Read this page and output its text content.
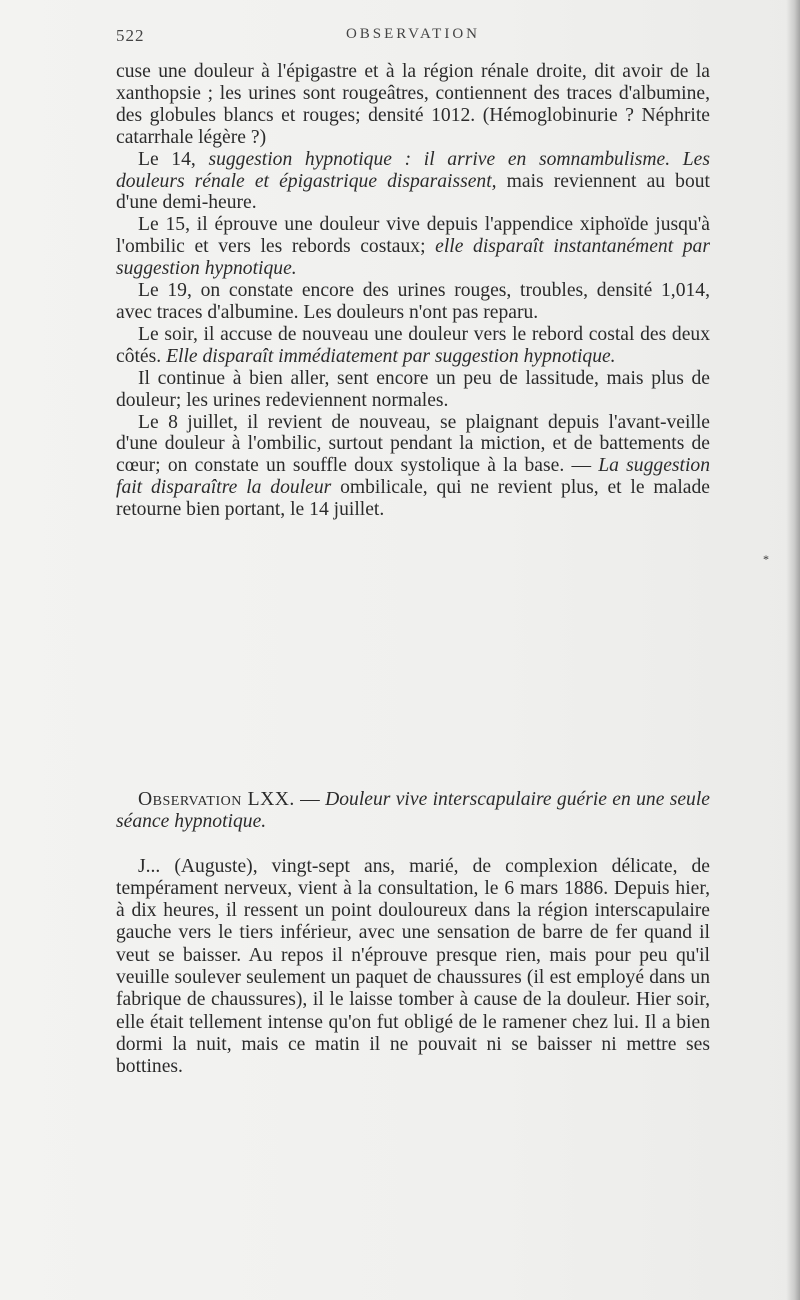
522	OBSERVATION

cuse une douleur à l'épigastre et à la région rénale droite, dit avoir de la xanthopsie ; les urines sont rougeâtres, contiennent des traces d'albumine, des globules blancs et rouges; densité 1012. (Hémoglobinurie ? Néphrite catarrhale légère ?)

Le 14, suggestion hypnotique : il arrive en somnambulisme. Les douleurs rénale et épigastrique disparaissent, mais reviennent au bout d'une demi-heure.

Le 15, il éprouve une douleur vive depuis l'appendice xiphoïde jusqu'à l'ombilic et vers les rebords costaux; elle disparaît instantanément par suggestion hypnotique.

Le 19, on constate encore des urines rouges, troubles, densité 1,014, avec traces d'albumine. Les douleurs n'ont pas reparu.

Le soir, il accuse de nouveau une douleur vers le rebord costal des deux côtés. Elle disparaît immédiatement par suggestion hypnotique.

Il continue à bien aller, sent encore un peu de lassitude, mais plus de douleur; les urines redeviennent normales.

Le 8 juillet, il revient de nouveau, se plaignant depuis l'avant-veille d'une douleur à l'ombilic, surtout pendant la miction, et de battements de cœur; on constate un souffle doux systolique à la base. — La suggestion fait disparaître la douleur ombilicale, qui ne revient plus, et le malade retourne bien portant, le 14 juillet.

*

Observation LXX. — Douleur vive interscapulaire guérie en une seule séance hypnotique.

J... (Auguste), vingt-sept ans, marié, de complexion délicate, de tempérament nerveux, vient à la consultation, le 6 mars 1886. Depuis hier, à dix heures, il ressent un point douloureux dans la région interscapulaire gauche vers le tiers inférieur, avec une sensation de barre de fer quand il veut se baisser. Au repos il n'éprouve presque rien, mais pour peu qu'il veuille soulever seulement un paquet de chaussures (il est employé dans un fabrique de chaussures), il le laisse tomber à cause de la douleur. Hier soir, elle était tellement intense qu'on fut obligé de le ramener chez lui. Il a bien dormi la nuit, mais ce matin il ne pouvait ni se baisser ni mettre ses bottines.
